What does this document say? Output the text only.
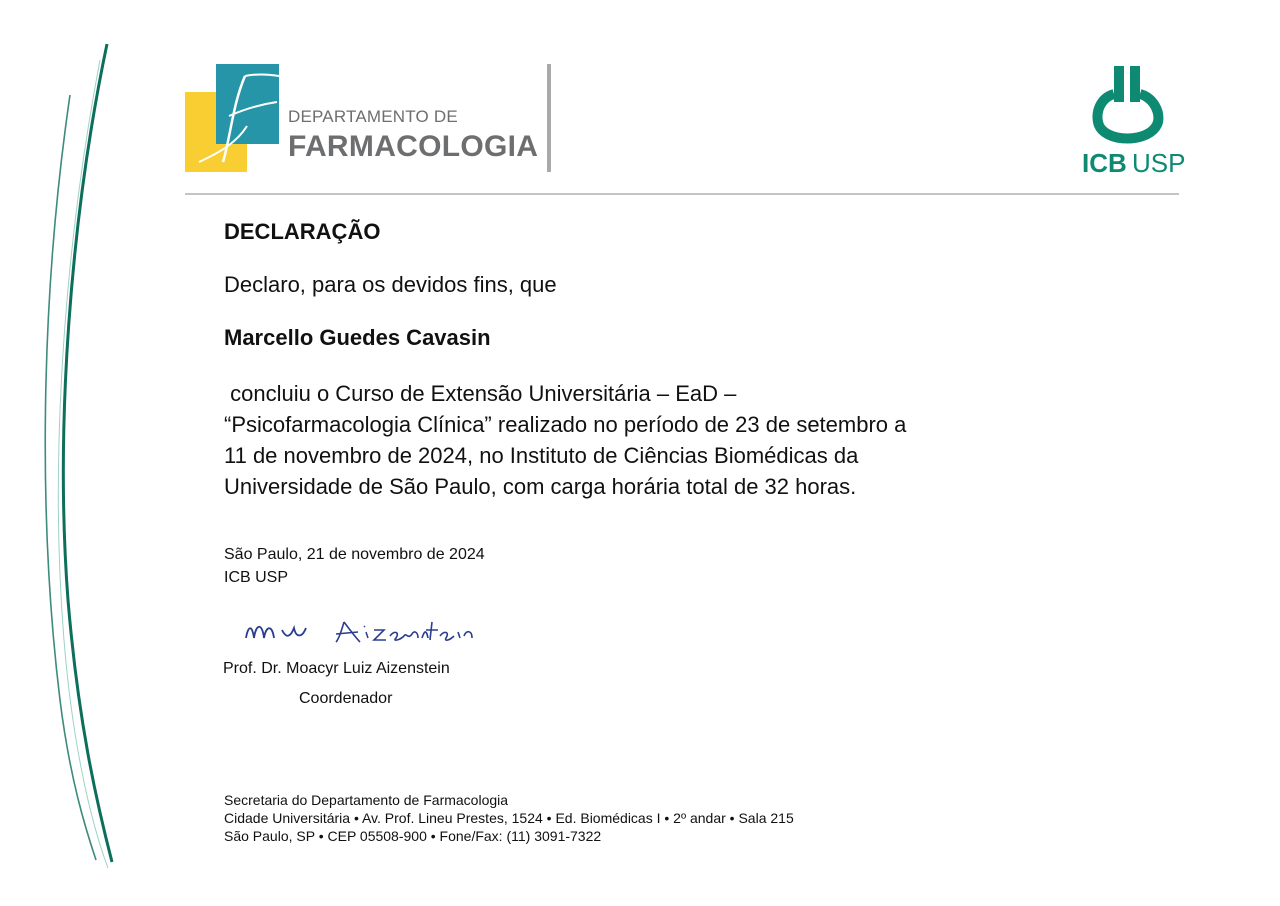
DEPARTAMENTO DE
FARMACOLOGIA	ICB USP
DECLARAÇÃO
Declaro, para os devidos fins, que
Marcello Guedes Cavasin
concluiu o Curso de Extensão Universitária – EaD –
“Psicofarmacologia Clínica” realizado no período de 23 de setembro a
11 de novembro de 2024, no Instituto de Ciências Biomédicas da
Universidade de São Paulo, com carga horária total de 32 horas.
São Paulo, 21 de novembro de 2024
ICB USP
Prof. Dr. Moacyr Luiz Aizenstein
Coordenador
Secretaria do Departamento de Farmacologia
Cidade Universitária • Av. Prof. Lineu Prestes, 1524 • Ed. Biomédicas I • 2º andar • Sala 215
São Paulo, SP • CEP 05508-900 • Fone/Fax: (11) 3091-7322
